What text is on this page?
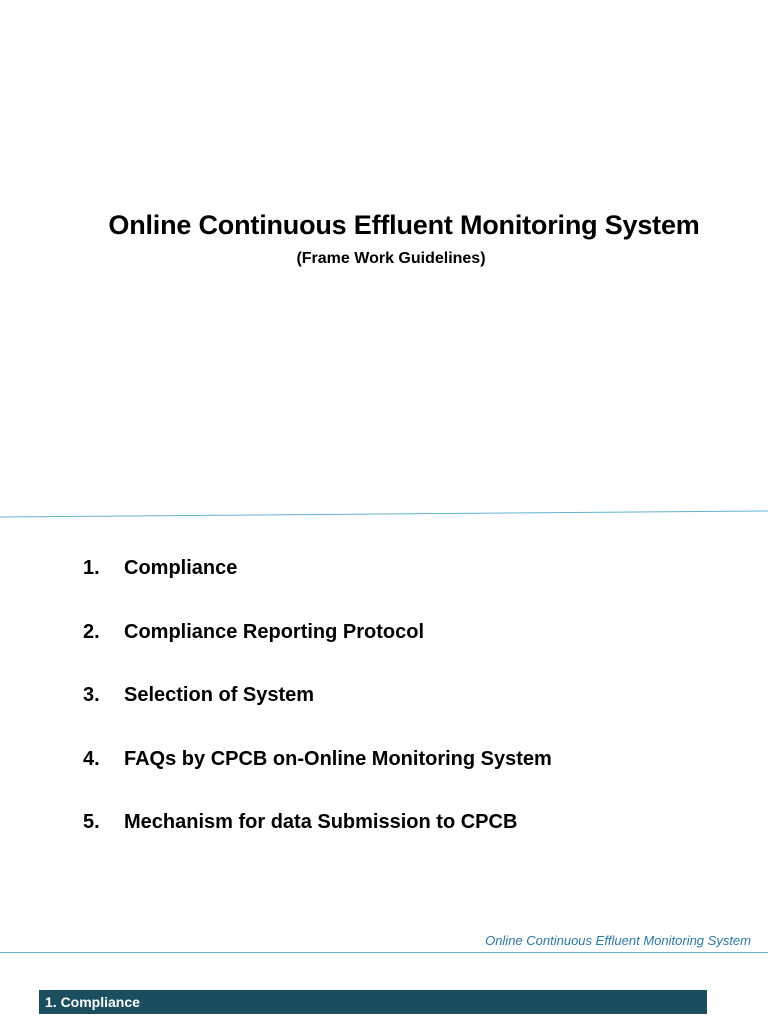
Online Continuous Effluent Monitoring System
(Frame Work Guidelines)
1.	Compliance
2.	Compliance Reporting Protocol
3.	Selection of System
4.	FAQs by CPCB on-Online Monitoring System
5.	Mechanism for data Submission to CPCB
Online Continuous Effluent Monitoring System
1. Compliance
